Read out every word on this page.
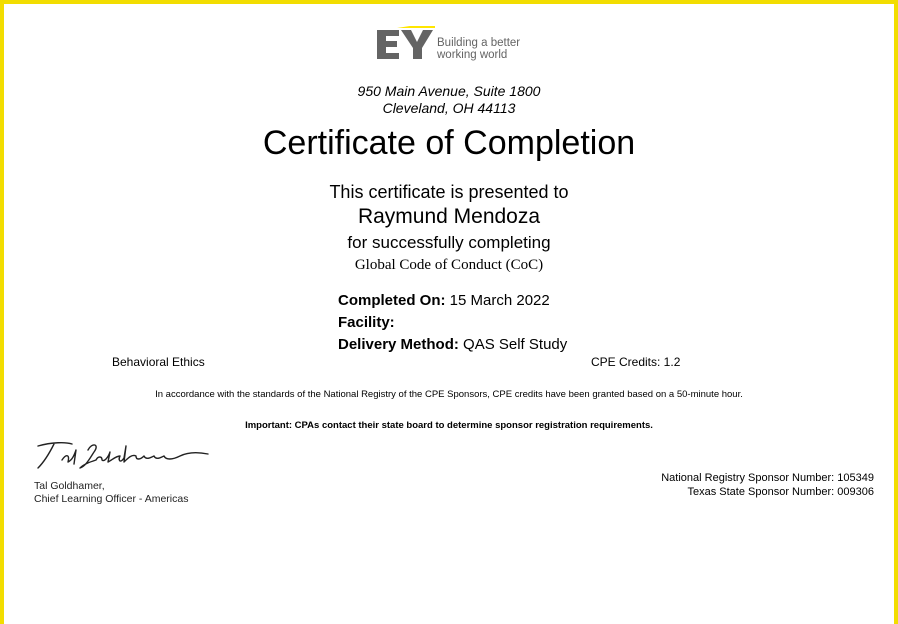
Building a better
working world
950 Main Avenue, Suite 1800
Cleveland, OH 44113
Certificate of Completion
This certificate is presented to
Raymund Mendoza
for successfully completing
Global Code of Conduct (CoC)
Completed On: 15 March 2022
Facility:
Delivery Method: QAS Self Study
Behavioral Ethics	CPE Credits: 1.2
In accordance with the standards of the National Registry of the CPE Sponsors, CPE credits have been granted based on a 50-minute hour.
Important: CPAs contact their state board to determine sponsor registration requirements.
Tal Goldhamer,
Chief Learning Officer - Americas
National Registry Sponsor Number: 105349
Texas State Sponsor Number: 009306
